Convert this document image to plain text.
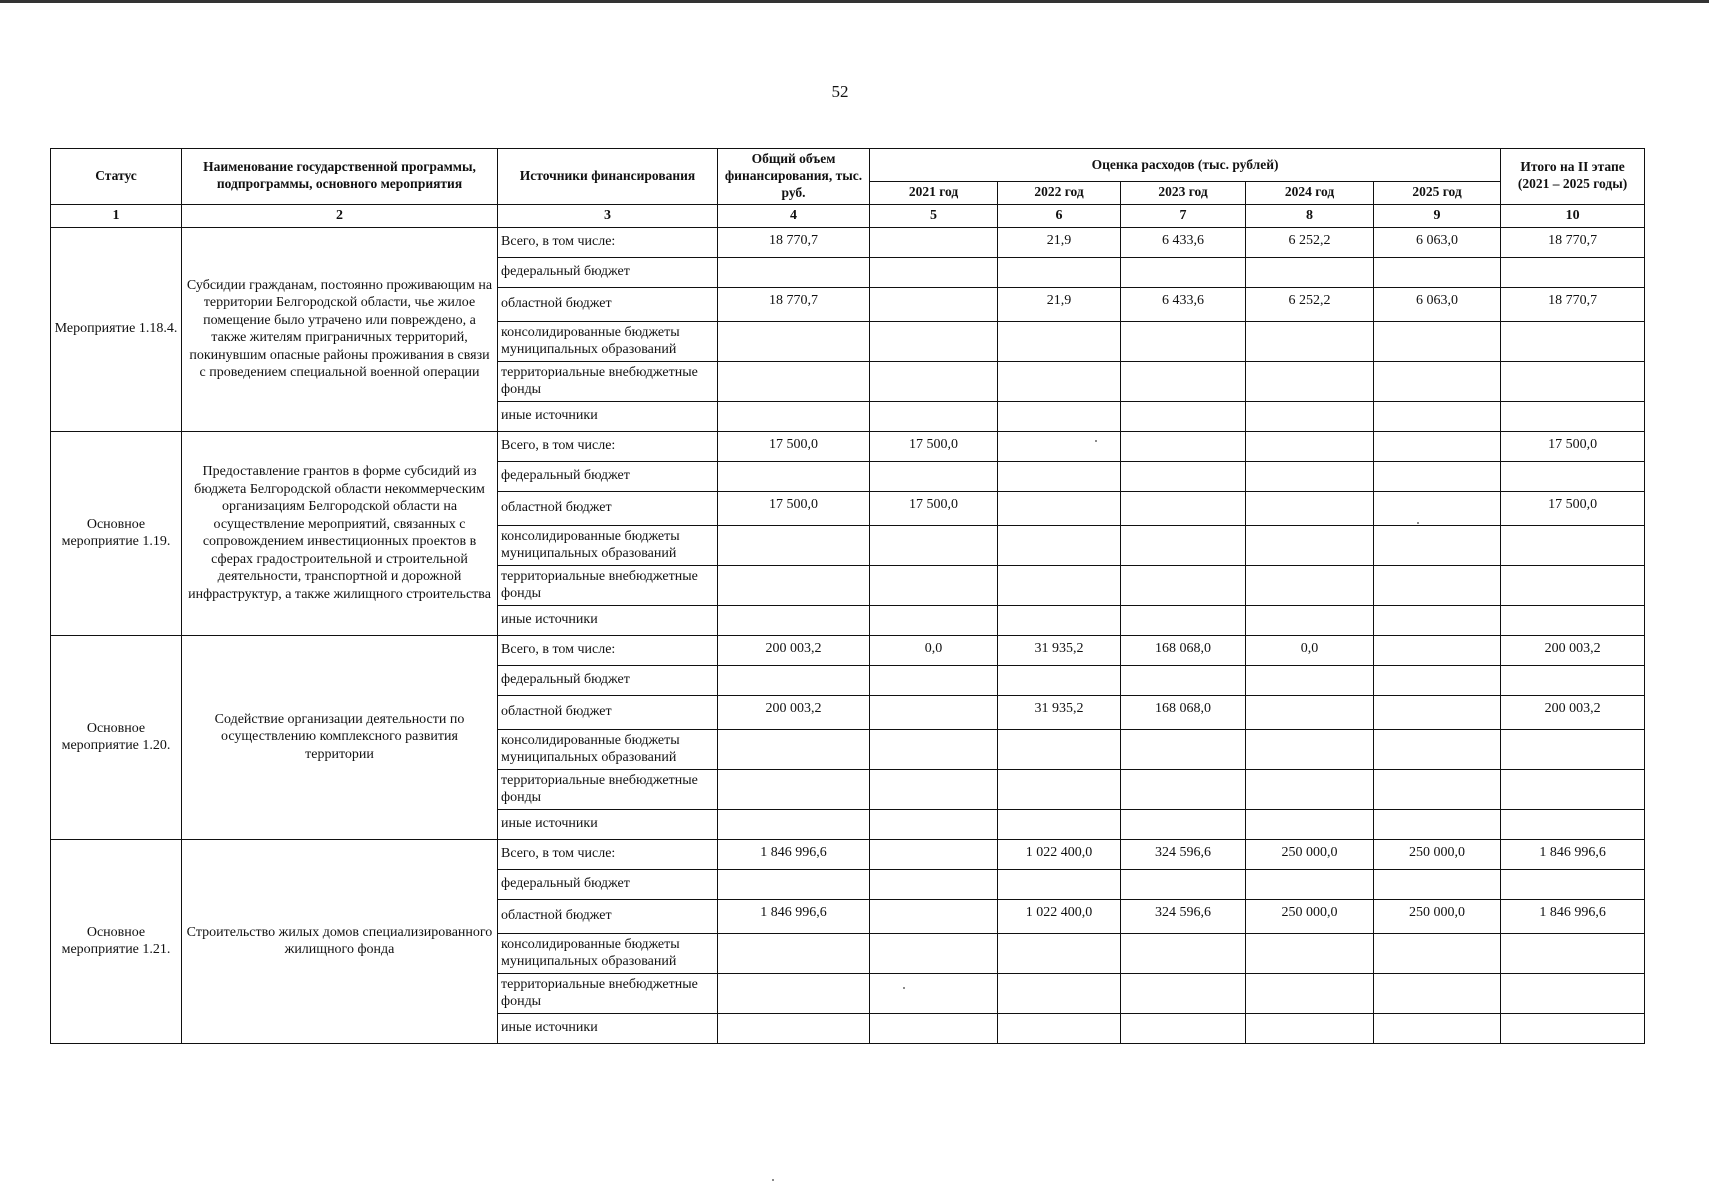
52
Статус	Наименование государственной программы, подпрограммы, основного мероприятия	Источники финансирования	Общий объем финансирования, тыс. руб.	Оценка расходов (тыс. рублей)					Итого на II этапе (2021 – 2025 годы)
				2021 год	2022 год	2023 год	2024 год	2025 год	
1	2	3	4	5	6	7	8	9	10
Мероприятие 1.18.4.	Субсидии гражданам, постоянно проживающим на территории Белгородской области, чье жилое помещение было утрачено или повреждено, а также жителям приграничных территорий, покинувшим опасные районы проживания в связи с проведением специальной военной операции	Всего, в том числе:	18 770,7		21,9	6 433,6	6 252,2	6 063,0	18 770,7
		федеральный бюджет							
		областной бюджет	18 770,7		21,9	6 433,6	6 252,2	6 063,0	18 770,7
		консолидированные бюджеты муниципальных образований							
		территориальные внебюджетные фонды							
		иные источники							
Основное мероприятие 1.19.	Предоставление грантов в форме субсидий из бюджета Белгородской области некоммерческим организациям Белгородской области на осуществление мероприятий, связанных с сопровождением инвестиционных проектов в сферах градостроительной и строительной деятельности, транспортной и дорожной инфраструктур, а также жилищного строительства	Всего, в том числе:	17 500,0	17 500,0					17 500,0
		федеральный бюджет							
		областной бюджет	17 500,0	17 500,0					17 500,0
		консолидированные бюджеты муниципальных образований							
		территориальные внебюджетные фонды							
		иные источники							
Основное мероприятие 1.20.	Содействие организации деятельности по осуществлению комплексного развития территории	Всего, в том числе:	200 003,2	0,0	31 935,2	168 068,0	0,0		200 003,2
		федеральный бюджет							
		областной бюджет	200 003,2		31 935,2	168 068,0			200 003,2
		консолидированные бюджеты муниципальных образований							
		территориальные внебюджетные фонды							
		иные источники							
Основное мероприятие 1.21.	Строительство жилых домов специализированного жилищного фонда	Всего, в том числе:	1 846 996,6		1 022 400,0	324 596,6	250 000,0	250 000,0	1 846 996,6
		федеральный бюджет							
		областной бюджет	1 846 996,6		1 022 400,0	324 596,6	250 000,0	250 000,0	1 846 996,6
		консолидированные бюджеты муниципальных образований							
		территориальные внебюджетные фонды							
		иные источники							
